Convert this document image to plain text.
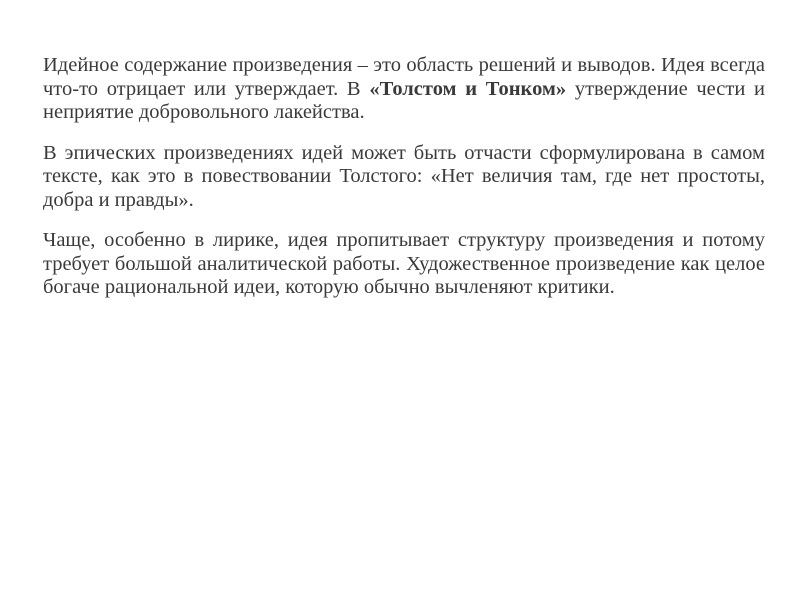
Идейное содержание произведения – это область решений и выводов. Идея всегда что-то отрицает или утверждает. В «Толстом и Тонком» утверждение чести и неприятие добровольного лакейства.

В эпических произведениях идей может быть отчасти сформулирована в самом тексте, как это в повествовании Толстого: «Нет величия там, где нет простоты, добра и правды».

Чаще, особенно в лирике, идея пропитывает структуру произведения и потому требует большой аналитической работы. Художественное произведение как целое богаче рациональной идеи, которую обычно вычленяют критики.
